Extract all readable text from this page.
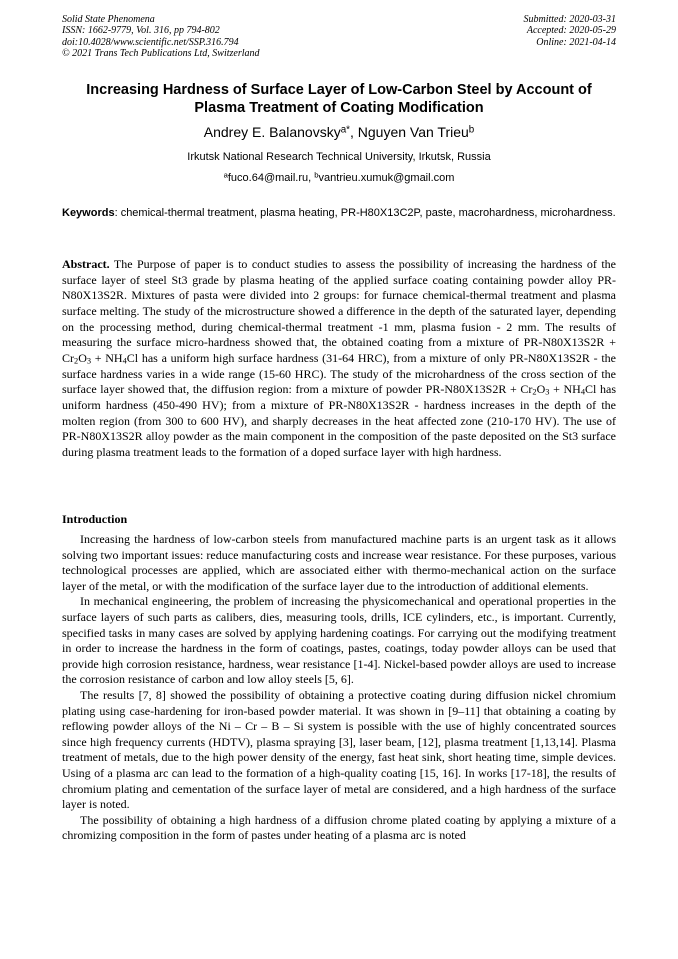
Solid State Phenomena
ISSN: 1662-9779, Vol. 316, pp 794-802
doi:10.4028/www.scientific.net/SSP.316.794
© 2021 Trans Tech Publications Ltd, Switzerland
Submitted: 2020-03-31
Accepted: 2020-05-29
Online: 2021-04-14
Increasing Hardness of Surface Layer of Low-Carbon Steel by Account of Plasma Treatment of Coating Modification
Andrey E. Balanovsky$^{a*}$, Nguyen Van Trieu$^b$
Irkutsk National Research Technical University, Irkutsk, Russia
$^a$fuco.64@mail.ru, $^b$vantrieu.xumuk@gmail.com
Keywords: chemical-thermal treatment, plasma heating, PR-H80X13C2P, paste, macrohardness, microhardness.
Abstract. The Purpose of paper is to conduct studies to assess the possibility of increasing the hardness of the surface layer of steel St3 grade by plasma heating of the applied surface coating containing powder alloy PR-N80X13S2R. Mixtures of pasta were divided into 2 groups: for furnace chemical-thermal treatment and plasma surface melting. The study of the microstructure showed a difference in the depth of the saturated layer, depending on the processing method, during chemical-thermal treatment -1 mm, plasma fusion - 2 mm. The results of measuring the surface micro-hardness showed that, the obtained coating from a mixture of $PR-N80X13S2R + Cr_2O_3 + NH_4Cl$ has a uniform high surface hardness (31-64 HRC), from a mixture of only PR-N80X13S2R - the surface hardness varies in a wide range (15-60 HRC). The study of the microhardness of the cross section of the surface layer showed that, the diffusion region: from a mixture of powder $PR-N80X13S2R + Cr_2O_3 + NH_4Cl$ has uniform hardness (450-490 HV); from a mixture of PR-N80X13S2R - hardness increases in the depth of the molten region (from 300 to 600 HV), and sharply decreases in the heat affected zone (210-170 HV). The use of PR-N80X13S2R alloy powder as the main component in the composition of the paste deposited on the St3 surface during plasma treatment leads to the formation of a doped surface layer with high hardness.
Introduction

Increasing the hardness of low-carbon steels from manufactured machine parts is an urgent task as it allows solving two important issues: reduce manufacturing costs and increase wear resistance. For these purposes, various technological processes are applied, which are associated either with thermo-mechanical action on the surface layer of the metal, or with the modification of the surface layer due to the introduction of additional elements.

In mechanical engineering, the problem of increasing the physicomechanical and operational properties in the surface layers of such parts as calibers, dies, measuring tools, drills, ICE cylinders, etc., is important. Currently, specified tasks in many cases are solved by applying hardening coatings. For carrying out the modifying treatment in order to increase the hardness in the form of coatings, pastes, coatings, today powder alloys can be used that provide high corrosion resistance, hardness, wear resistance [1-4]. Nickel-based powder alloys are used to increase the corrosion resistance of carbon and low alloy steels [5, 6].

The results [7, 8] showed the possibility of obtaining a protective coating during diffusion nickel chromium plating using case-hardening for iron-based powder material. It was shown in [9–11] that obtaining a coating by reflowing powder alloys of the Ni – Cr – B – Si system is possible with the use of highly concentrated sources since high frequency currents (HDTV), plasma spraying [3], laser beam, [12], plasma treatment [1,13,14]. Plasma treatment of metals, due to the high power density of the energy, fast heat sink, short heating time, simple devices. Using of a plasma arc can lead to the formation of a high-quality coating [15, 16]. In works [17-18], the results of chromium plating and cementation of the surface layer of metal are considered, and a high hardness of the surface layer is noted.

The possibility of obtaining a high hardness of a diffusion chrome plated coating by applying a mixture of a chromizing composition in the form of pastes under heating of a plasma arc is noted
